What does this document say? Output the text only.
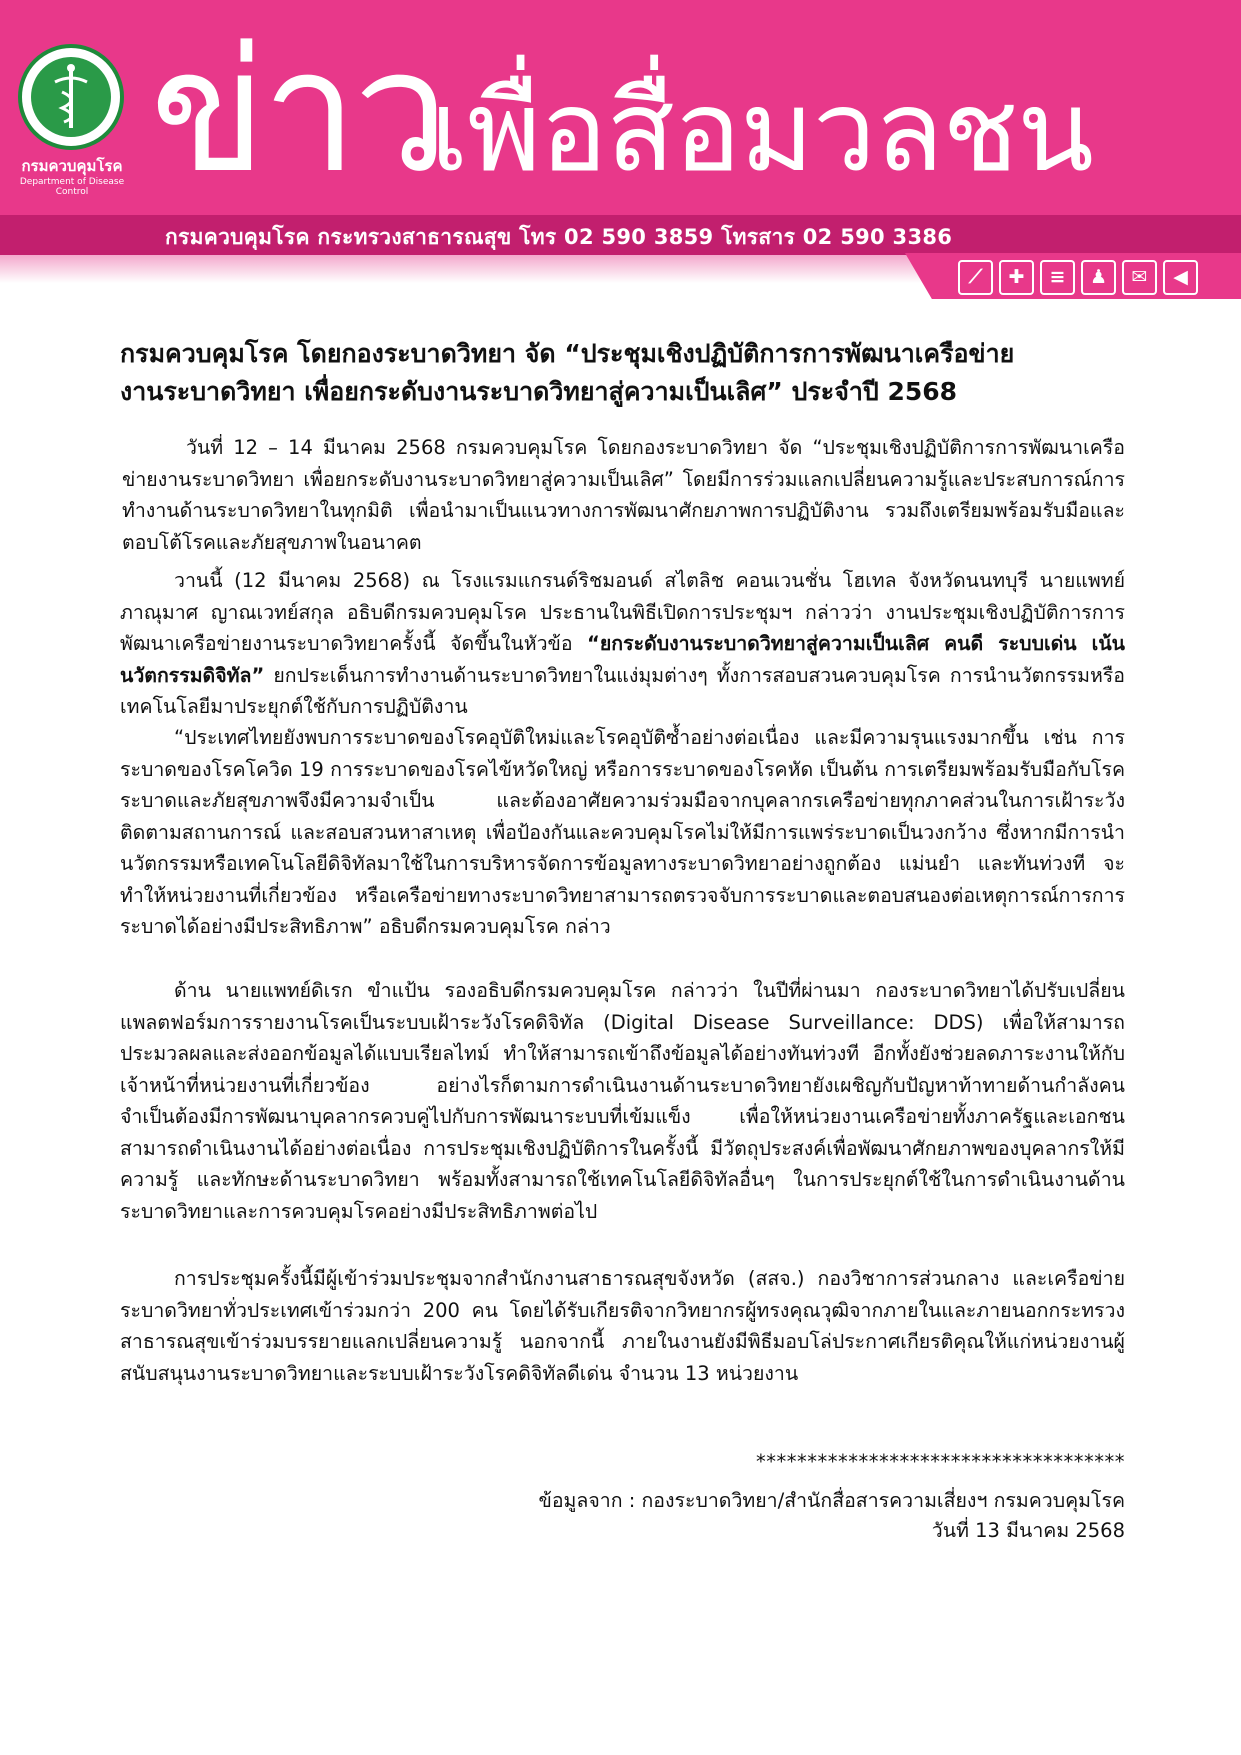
กรมควบคุมโรค
Department of Disease Control ข่าว
เพื่อสื่อมวลชน
กรมควบคุมโรค กระทรวงสาธารณสุข โทร 02 590 3859 โทรสาร 02 590 3386
⟋	✚	≡	♟	✉	◀
กรมควบคุมโรค โดยกองระบาดวิทยา จัด “ประชุมเชิงปฏิบัติการการพัฒนาเครือข่าย
งานระบาดวิทยา เพื่อยกระดับงานระบาดวิทยาสู่ความเป็นเลิศ” ประจำปี 2568
วันที่ 12 – 14 มีนาคม 2568 กรมควบคุมโรค โดยกองระบาดวิทยา จัด “ประชุมเชิงปฏิบัติการการพัฒนาเครือข่ายงานระบาดวิทยา เพื่อยกระดับงานระบาดวิทยาสู่ความเป็นเลิศ” โดยมีการร่วมแลกเปลี่ยนความรู้และประสบการณ์การทำงานด้านระบาดวิทยาในทุกมิติ เพื่อนำมาเป็นแนวทางการพัฒนาศักยภาพการปฏิบัติงาน รวมถึงเตรียมพร้อมรับมือและตอบโต้โรคและภัยสุขภาพในอนาคต
วานนี้ (12 มีนาคม 2568) ณ โรงแรมแกรนด์ริชมอนด์ สไตลิช คอนเวนชั่น โฮเทล จังหวัดนนทบุรี นายแพทย์ภาณุมาศ ญาณเวทย์สกุล อธิบดีกรมควบคุมโรค ประธานในพิธีเปิดการประชุมฯ กล่าวว่า งานประชุมเชิงปฏิบัติการการพัฒนาเครือข่ายงานระบาดวิทยาครั้งนี้ จัดขึ้นในหัวข้อ “ยกระดับงานระบาดวิทยาสู่ความเป็นเลิศ คนดี ระบบเด่น เน้นนวัตกรรมดิจิทัล” ยกประเด็นการทำงานด้านระบาดวิทยาในแง่มุมต่างๆ ทั้งการสอบสวนควบคุมโรค การนำนวัตกรรมหรือเทคโนโลยีมาประยุกต์ใช้กับการปฏิบัติงาน
“ประเทศไทยยังพบการระบาดของโรคอุบัติใหม่และโรคอุบัติซ้ำอย่างต่อเนื่อง และมีความรุนแรงมากขึ้น เช่น การระบาดของโรคโควิด 19 การระบาดของโรคไข้หวัดใหญ่ หรือการระบาดของโรคหัด เป็นต้น การเตรียมพร้อมรับมือกับโรคระบาดและภัยสุขภาพจึงมีความจำเป็น และต้องอาศัยความร่วมมือจากบุคลากรเครือข่ายทุกภาคส่วนในการเฝ้าระวัง ติดตามสถานการณ์ และสอบสวนหาสาเหตุ เพื่อป้องกันและควบคุมโรคไม่ให้มีการแพร่ระบาดเป็นวงกว้าง ซึ่งหากมีการนำนวัตกรรมหรือเทคโนโลยีดิจิทัลมาใช้ในการบริหารจัดการข้อมูลทางระบาดวิทยาอย่างถูกต้อง แม่นยำ และทันท่วงที จะทำให้หน่วยงานที่เกี่ยวข้อง หรือเครือข่ายทางระบาดวิทยาสามารถตรวจจับการระบาดและตอบสนองต่อเหตุการณ์การการระบาดได้อย่างมีประสิทธิภาพ” อธิบดีกรมควบคุมโรค กล่าว
ด้าน นายแพทย์ดิเรก ขำแป้น รองอธิบดีกรมควบคุมโรค กล่าวว่า ในปีที่ผ่านมา กองระบาดวิทยาได้ปรับเปลี่ยนแพลตฟอร์มการรายงานโรคเป็นระบบเฝ้าระวังโรคดิจิทัล (Digital Disease Surveillance: DDS) เพื่อให้สามารถประมวลผลและส่งออกข้อมูลได้แบบเรียลไทม์ ทำให้สามารถเข้าถึงข้อมูลได้อย่างทันท่วงที อีกทั้งยังช่วยลดภาระงานให้กับเจ้าหน้าที่หน่วยงานที่เกี่ยวข้อง อย่างไรก็ตามการดำเนินงานด้านระบาดวิทยายังเผชิญกับปัญหาท้าทายด้านกำลังคน จำเป็นต้องมีการพัฒนาบุคลากรควบคู่ไปกับการพัฒนาระบบที่เข้มแข็ง เพื่อให้หน่วยงานเครือข่ายทั้งภาครัฐและเอกชนสามารถดำเนินงานได้อย่างต่อเนื่อง การประชุมเชิงปฏิบัติการในครั้งนี้ มีวัตถุประสงค์เพื่อพัฒนาศักยภาพของบุคลากรให้มีความรู้ และทักษะด้านระบาดวิทยา พร้อมทั้งสามารถใช้เทคโนโลยีดิจิทัลอื่นๆ ในการประยุกต์ใช้ในการดำเนินงานด้านระบาดวิทยาและการควบคุมโรคอย่างมีประสิทธิภาพต่อไป
การประชุมครั้งนี้มีผู้เข้าร่วมประชุมจากสำนักงานสาธารณสุขจังหวัด (สสจ.) กองวิชาการส่วนกลาง และเครือข่ายระบาดวิทยาทั่วประเทศเข้าร่วมกว่า 200 คน โดยได้รับเกียรติจากวิทยากรผู้ทรงคุณวุฒิจากภายในและภายนอกกระทรวงสาธารณสุขเข้าร่วมบรรยายแลกเปลี่ยนความรู้ นอกจากนี้ ภายในงานยังมีพิธีมอบโล่ประกาศเกียรติคุณให้แก่หน่วยงานผู้สนับสนุนงานระบาดวิทยาและระบบเฝ้าระวังโรคดิจิทัลดีเด่น จำนวน 13 หน่วยงาน
************************************
ข้อมูลจาก : กองระบาดวิทยา/สำนักสื่อสารความเสี่ยงฯ กรมควบคุมโรค
วันที่ 13 มีนาคม 2568
